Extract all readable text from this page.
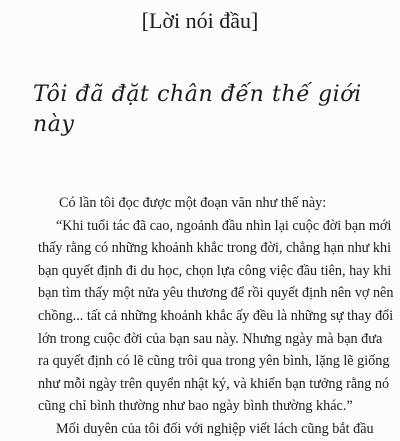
[Lời nói đầu]
Tôi đã đặt chân đến thế giới này

Có lần tôi đọc được một đoạn văn như thế này:

“Khi tuổi tác đã cao, ngoảnh đầu nhìn lại cuộc đời bạn mới
thấy rằng có những khoảnh khắc trong đời, chẳng hạn như khi
bạn quyết định đi du học, chọn lựa công việc đầu tiên, hay khi
bạn tìm thấy một nửa yêu thương để rồi quyết định nên vợ nên
chồng... tất cả những khoảnh khắc ấy đều là những sự thay đổi
lớn trong cuộc đời của bạn sau này. Nhưng ngày mà bạn đưa
ra quyết định có lẽ cũng trôi qua trong yên bình, lặng lẽ giống
như mỗi ngày trên quyển nhật ký, và khiến bạn tưởng rằng nó
cũng chỉ bình thường như bao ngày bình thường khác.”
Mối duyên của tôi đối với nghiệp viết lách cũng bắt đầu
